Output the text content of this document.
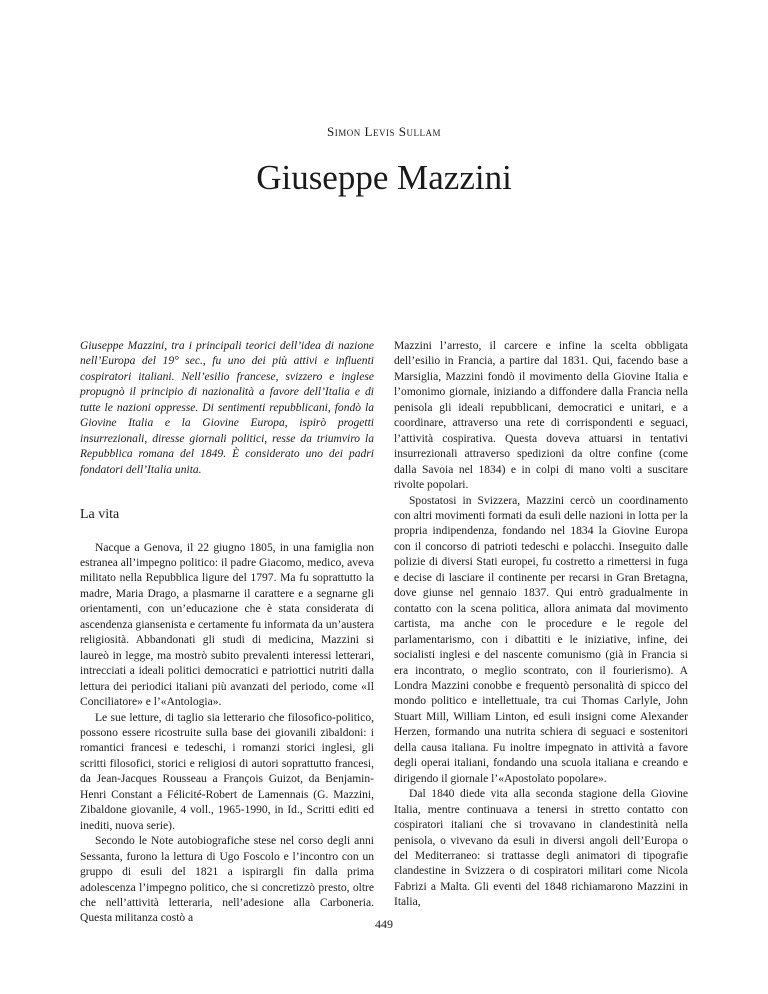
Simon Levis Sullam
Giuseppe Mazzini

Giuseppe Mazzini, tra i principali teorici dell’idea di nazione nell’Europa del 19° sec., fu uno dei più attivi e influenti cospiratori italiani. Nell’esilio francese, svizzero e inglese propugnò il principio di nazionalità a favore dell’Italia e di tutte le nazioni oppresse. Di sentimenti repubblicani, fondò la Giovine Italia e la Giovine Europa, ispirò progetti insurrezionali, diresse giornali politici, resse da triumviro la Repubblica romana del 1849. È considerato uno dei padri fondatori dell’Italia unita.

La vita

Nacque a Genova, il 22 giugno 1805, in una famiglia non estranea all’impegno politico: il padre Giacomo, medico, aveva militato nella Repubblica ligure del 1797. Ma fu soprattutto la madre, Maria Drago, a plasmarne il carattere e a segnarne gli orientamenti, con un’educazione che è stata considerata di ascendenza giansenista e certamente fu informata da un’austera religiosità. Abbandonati gli studi di medicina, Mazzini si laureò in legge, ma mostrò subito prevalenti interessi letterari, intrecciati a ideali politici democratici e patriottici nutriti dalla lettura dei periodici italiani più avanzati del periodo, come «Il Conciliatore» e l’«Antologia».

Le sue letture, di taglio sia letterario che filosofico-politico, possono essere ricostruite sulla base dei giovanili zibaldoni: i romantici francesi e tedeschi, i romanzi storici inglesi, gli scritti filosofici, storici e religiosi di autori soprattutto francesi, da Jean-Jacques Rousseau a François Guizot, da Benjamin-Henri Constant a Félicité-Robert de Lamennais (G. Mazzini, Zibaldone giovanile, 4 voll., 1965-1990, in Id., Scritti editi ed inediti, nuova serie).

Secondo le Note autobiografiche stese nel corso degli anni Sessanta, furono la lettura di Ugo Foscolo e l’incontro con un gruppo di esuli del 1821 a ispirargli fin dalla prima adolescenza l’impegno politico, che si concretizzò presto, oltre che nell’attività letteraria, nell’adesione alla Carboneria. Questa militanza costò a

Mazzini l’arresto, il carcere e infine la scelta obbligata dell’esilio in Francia, a partire dal 1831. Qui, facendo base a Marsiglia, Mazzini fondò il movimento della Giovine Italia e l’omonimo giornale, iniziando a diffondere dalla Francia nella penisola gli ideali repubblicani, democratici e unitari, e a coordinare, attraverso una rete di corrispondenti e seguaci, l’attività cospirativa. Questa doveva attuarsi in tentativi insurrezionali attraverso spedizioni da oltre confine (come dalla Savoia nel 1834) e in colpi di mano volti a suscitare rivolte popolari.

Spostatosi in Svizzera, Mazzini cercò un coordinamento con altri movimenti formati da esuli delle nazioni in lotta per la propria indipendenza, fondando nel 1834 la Giovine Europa con il concorso di patrioti tedeschi e polacchi. Inseguito dalle polizie di diversi Stati europei, fu costretto a rimettersi in fuga e decise di lasciare il continente per recarsi in Gran Bretagna, dove giunse nel gennaio 1837. Qui entrò gradualmente in contatto con la scena politica, allora animata dal movimento cartista, ma anche con le procedure e le regole del parlamentarismo, con i dibattiti e le iniziative, infine, dei socialisti inglesi e del nascente comunismo (già in Francia si era incontrato, o meglio scontrato, con il fourierismo). A Londra Mazzini conobbe e frequentò personalità di spicco del mondo politico e intellettuale, tra cui Thomas Carlyle, John Stuart Mill, William Linton, ed esuli insigni come Alexander Herzen, formando una nutrita schiera di seguaci e sostenitori della causa italiana. Fu inoltre impegnato in attività a favore degli operai italiani, fondando una scuola italiana e creando e dirigendo il giornale l’«Apostolato popolare».

Dal 1840 diede vita alla seconda stagione della Giovine Italia, mentre continuava a tenersi in stretto contatto con cospiratori italiani che si trovavano in clandestinità nella penisola, o vivevano da esuli in diversi angoli dell’Europa o del Mediterraneo: si trattasse degli animatori di tipografie clandestine in Svizzera o di cospiratori militari come Nicola Fabrizi a Malta. Gli eventi del 1848 richiamarono Mazzini in Italia,

449
